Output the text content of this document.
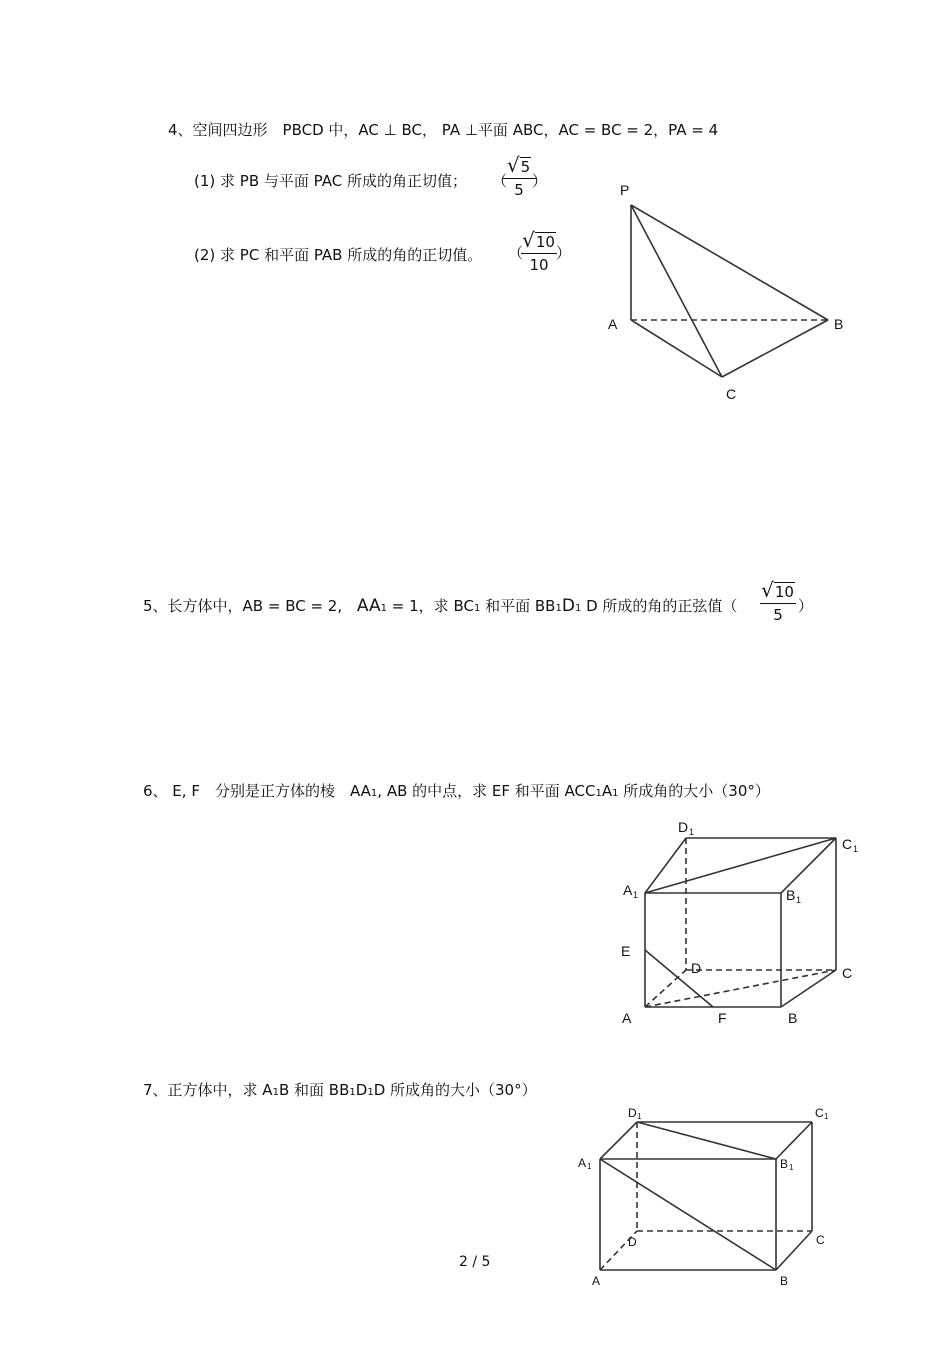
4、空间四边形　PBCD 中，AC ⊥ BC， PA ⊥平面 ABC，AC = BC = 2，PA = 4
(1) 求 PB 与平面 PAC 所成的角正切值； （
√5
5 ）
(2) 求 PC 和平面 PAB 所成的角的正切值。 （
√10
10
）
P
A	B
C
5、长方体中，AB = BC = 2, AA1 = 1，求 BC1 和平面 BB1D1 D 所成的角的正弦值（
√10
5	）
6、 E, F　分别是正方体的棱　AA1, AB 的中点，求 EF 和平面 ACC1A1 所成角的大小（30°）
D 1
C 1
A 1	B 1
E
D	C
A	F	B
7、正方体中，求 A1B 和面 BB1D1D 所成角的大小（30°）
D 1	C 1
A 1	B 1
D	C
A	B
2 / 5
